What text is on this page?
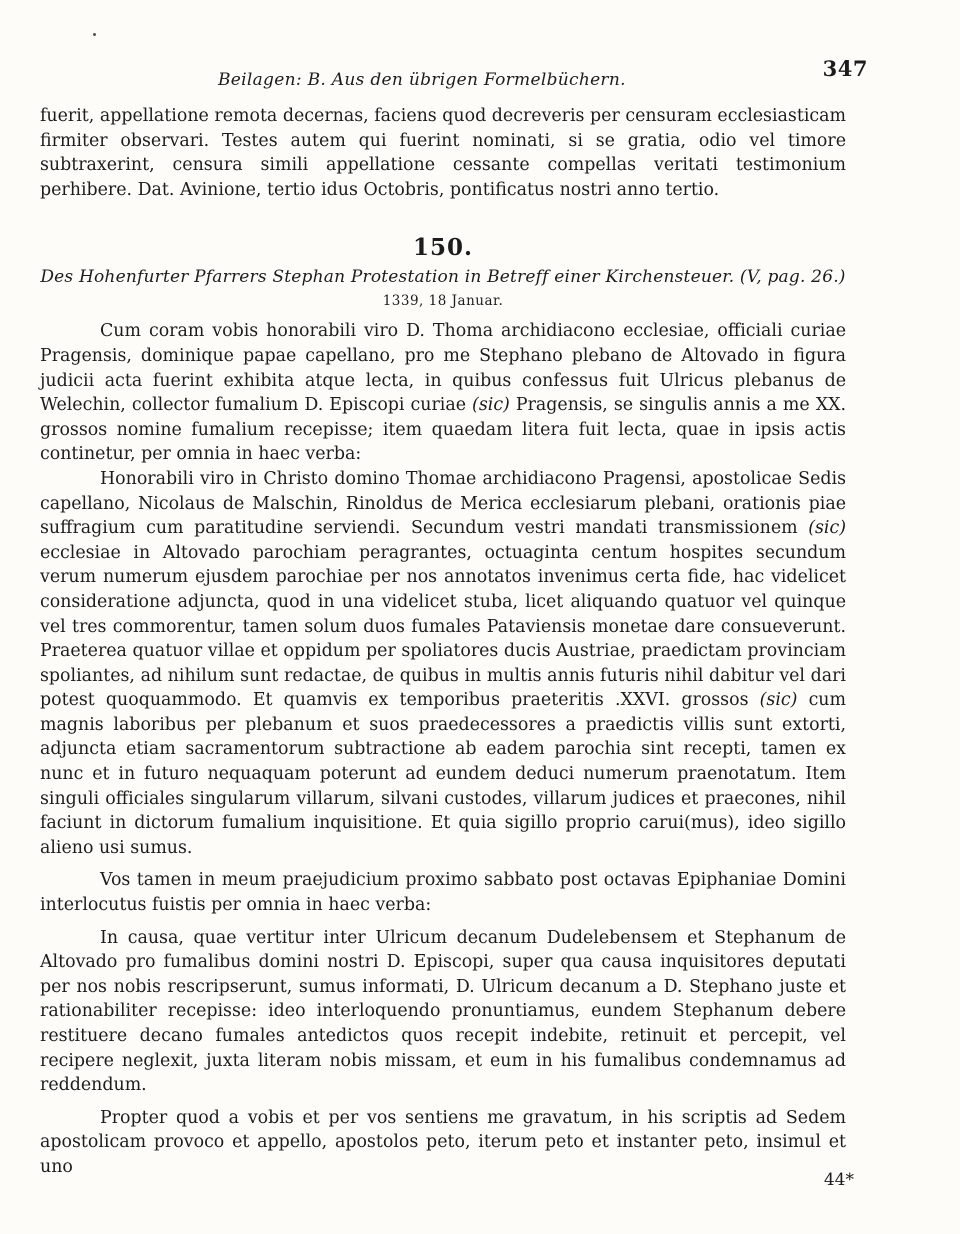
Beilagen: B. Aus den übrigen Formelbüchern.	347

fuerit, appellatione remota decernas, faciens quod decreveris per censuram ecclesiasticam firmiter observari. Testes autem qui fuerint nominati, si se gratia, odio vel timore subtraxerint, censura simili appellatione cessante compellas veritati testimonium perhibere. Dat. Avinione, tertio idus Octobris, pontificatus nostri anno tertio.

150.
Des Hohenfurter Pfarrers Stephan Protestation in Betreff einer Kirchensteuer. (V, pag. 26.)
1339, 18 Januar.

Cum coram vobis honorabili viro D. Thoma archidiacono ecclesiae, officiali curiae Pragensis, dominique papae capellano, pro me Stephano plebano de Altovado in figura judicii acta fuerint exhibita atque lecta, in quibus confessus fuit Ulricus plebanus de Welechin, collector fumalium D. Episcopi curiae (sic) Pragensis, se singulis annis a me XX. grossos nomine fumalium recepisse; item quaedam litera fuit lecta, quae in ipsis actis continetur, per omnia in haec verba:

Honorabili viro in Christo domino Thomae archidiacono Pragensi, apostolicae Sedis capellano, Nicolaus de Malschin, Rinoldus de Merica ecclesiarum plebani, orationis piae suffragium cum paratitudine serviendi. Secundum vestri mandati transmissionem (sic) ecclesiae in Altovado parochiam peragrantes, octuaginta centum hospites secundum verum numerum ejusdem parochiae per nos annotatos invenimus certa fide, hac videlicet consideratione adjuncta, quod in una videlicet stuba, licet aliquando quatuor vel quinque vel tres commorentur, tamen solum duos fumales Pataviensis monetae dare consueverunt. Praeterea quatuor villae et oppidum per spoliatores ducis Austriae, praedictam provinciam spoliantes, ad nihilum sunt redactae, de quibus in multis annis futuris nihil dabitur vel dari potest quoquammodo. Et quamvis ex temporibus praeteritis .XXVI. grossos (sic) cum magnis laboribus per plebanum et suos praedecessores a praedictis villis sunt extorti, adjuncta etiam sacramentorum subtractione ab eadem parochia sint recepti, tamen ex nunc et in futuro nequaquam poterunt ad eundem deduci numerum praenotatum. Item singuli officiales singularum villarum, silvani custodes, villarum judices et praecones, nihil faciunt in dictorum fumalium inquisitione. Et quia sigillo proprio carui(mus), ideo sigillo alieno usi sumus.

Vos tamen in meum praejudicium proximo sabbato post octavas Epiphaniae Domini interlocutus fuistis per omnia in haec verba:

In causa, quae vertitur inter Ulricum decanum Dudelebensem et Stephanum de Altovado pro fumalibus domini nostri D. Episcopi, super qua causa inquisitores deputati per nos nobis rescripserunt, sumus informati, D. Ulricum decanum a D. Stephano juste et rationabiliter recepisse: ideo interloquendo pronuntiamus, eundem Stephanum debere restituere decano fumales antedictos quos recepit indebite, retinuit et percepit, vel recipere neglexit, juxta literam nobis missam, et eum in his fumalibus condemnamus ad reddendum.

Propter quod a vobis et per vos sentiens me gravatum, in his scriptis ad Sedem apostolicam provoco et appello, apostolos peto, iterum peto et instanter peto, insimul et uno

44*
